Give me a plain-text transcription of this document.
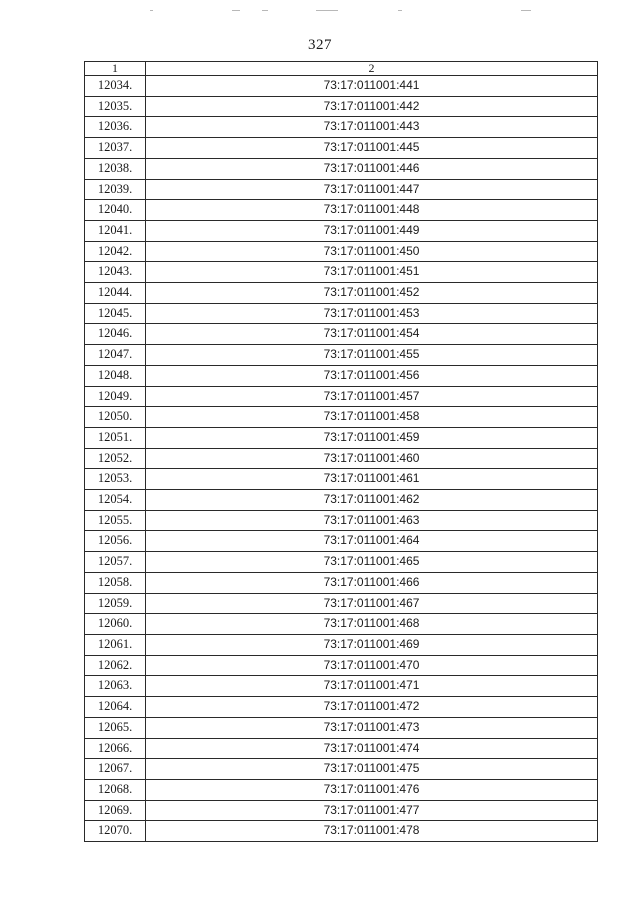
327
1	2
12034.	73:17:011001:441
12035.	73:17:011001:442
12036.	73:17:011001:443
12037.	73:17:011001:445
12038.	73:17:011001:446
12039.	73:17:011001:447
12040.	73:17:011001:448
12041.	73:17:011001:449
12042.	73:17:011001:450
12043.	73:17:011001:451
12044.	73:17:011001:452
12045.	73:17:011001:453
12046.	73:17:011001:454
12047.	73:17:011001:455
12048.	73:17:011001:456
12049.	73:17:011001:457
12050.	73:17:011001:458
12051.	73:17:011001:459
12052.	73:17:011001:460
12053.	73:17:011001:461
12054.	73:17:011001:462
12055.	73:17:011001:463
12056.	73:17:011001:464
12057.	73:17:011001:465
12058.	73:17:011001:466
12059.	73:17:011001:467
12060.	73:17:011001:468
12061.	73:17:011001:469
12062.	73:17:011001:470
12063.	73:17:011001:471
12064.	73:17:011001:472
12065.	73:17:011001:473
12066.	73:17:011001:474
12067.	73:17:011001:475
12068.	73:17:011001:476
12069.	73:17:011001:477
12070.	73:17:011001:478
